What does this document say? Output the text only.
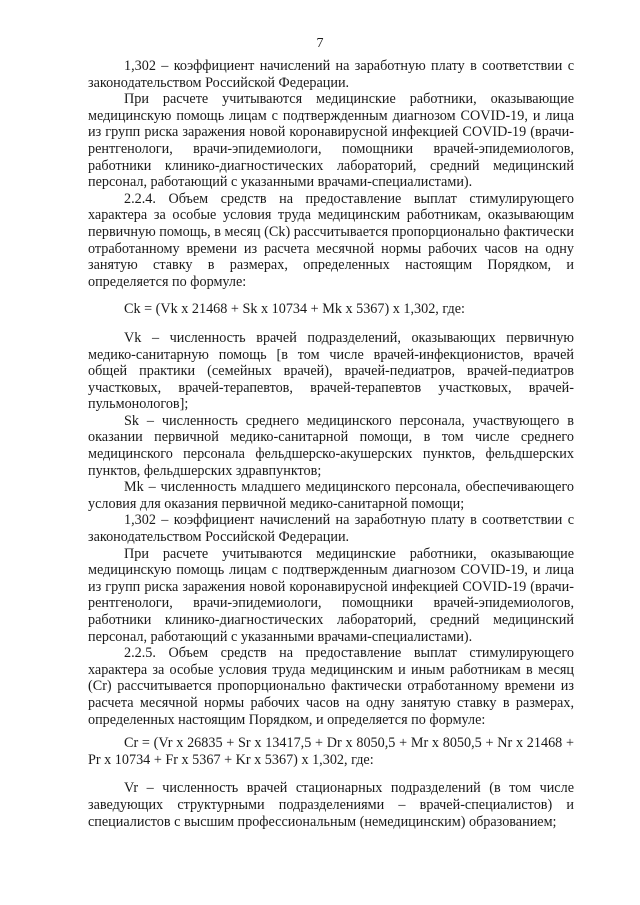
7

1,302 – коэффициент начислений на заработную плату в соответствии с законодательством Российской Федерации.

При расчете учитываются медицинские работники, оказывающие медицинскую помощь лицам с подтвержденным диагнозом COVID-19, и лица из групп риска заражения новой коронавирусной инфекцией COVID-19 (врачи-рентгенологи, врачи-эпидемиологи, помощники врачей-эпидемиологов, работники клинико-диагностических лабораторий, средний медицинский персонал, работающий с указанными врачами-специалистами).

2.2.4. Объем средств на предоставление выплат стимулирующего характера за особые условия труда медицинским работникам, оказывающим первичную помощь, в месяц (Ck) рассчитывается пропорционально фактически отработанному времени из расчета месячной нормы рабочих часов на одну занятую ставку в размерах, определенных настоящим Порядком, и определяется по формуле:

Ck = (Vk x 21468 + Sk x 10734 + Mk x 5367) x 1,302, где:

Vk – численность врачей подразделений, оказывающих первичную медико-санитарную помощь [в том числе врачей-инфекционистов, врачей общей практики (семейных врачей), врачей-педиатров, врачей-педиатров участковых, врачей-терапевтов, врачей-терапевтов участковых, врачей-пульмонологов];

Sk – численность среднего медицинского персонала, участвующего в оказании первичной медико-санитарной помощи, в том числе среднего медицинского персонала фельдшерско-акушерских пунктов, фельдшерских пунктов, фельдшерских здравпунктов;

Mk – численность младшего медицинского персонала, обеспечивающего условия для оказания первичной медико-санитарной помощи;

1,302 – коэффициент начислений на заработную плату в соответствии с законодательством Российской Федерации.

При расчете учитываются медицинские работники, оказывающие медицинскую помощь лицам с подтвержденным диагнозом COVID-19, и лица из групп риска заражения новой коронавирусной инфекцией COVID-19 (врачи-рентгенологи, врачи-эпидемиологи, помощники врачей-эпидемиологов, работники клинико-диагностических лабораторий, средний медицинский персонал, работающий с указанными врачами-специалистами).

2.2.5. Объем средств на предоставление выплат стимулирующего характера за особые условия труда медицинским и иным работникам в месяц (Cr) рассчитывается пропорционально фактически отработанному времени из расчета месячной нормы рабочих часов на одну занятую ставку в размерах, определенных настоящим Порядком, и определяется по формуле:

Cr = (Vr x 26835 + Sr x 13417,5 + Dr x 8050,5 + Mr x 8050,5 + Nr x 21468 + Pr x 10734 + Fr x 5367 + Kr x 5367) x 1,302, где:

Vr – численность врачей стационарных подразделений (в том числе заведующих структурными подразделениями – врачей-специалистов) и специалистов с высшим профессиональным (немедицинским) образованием;
